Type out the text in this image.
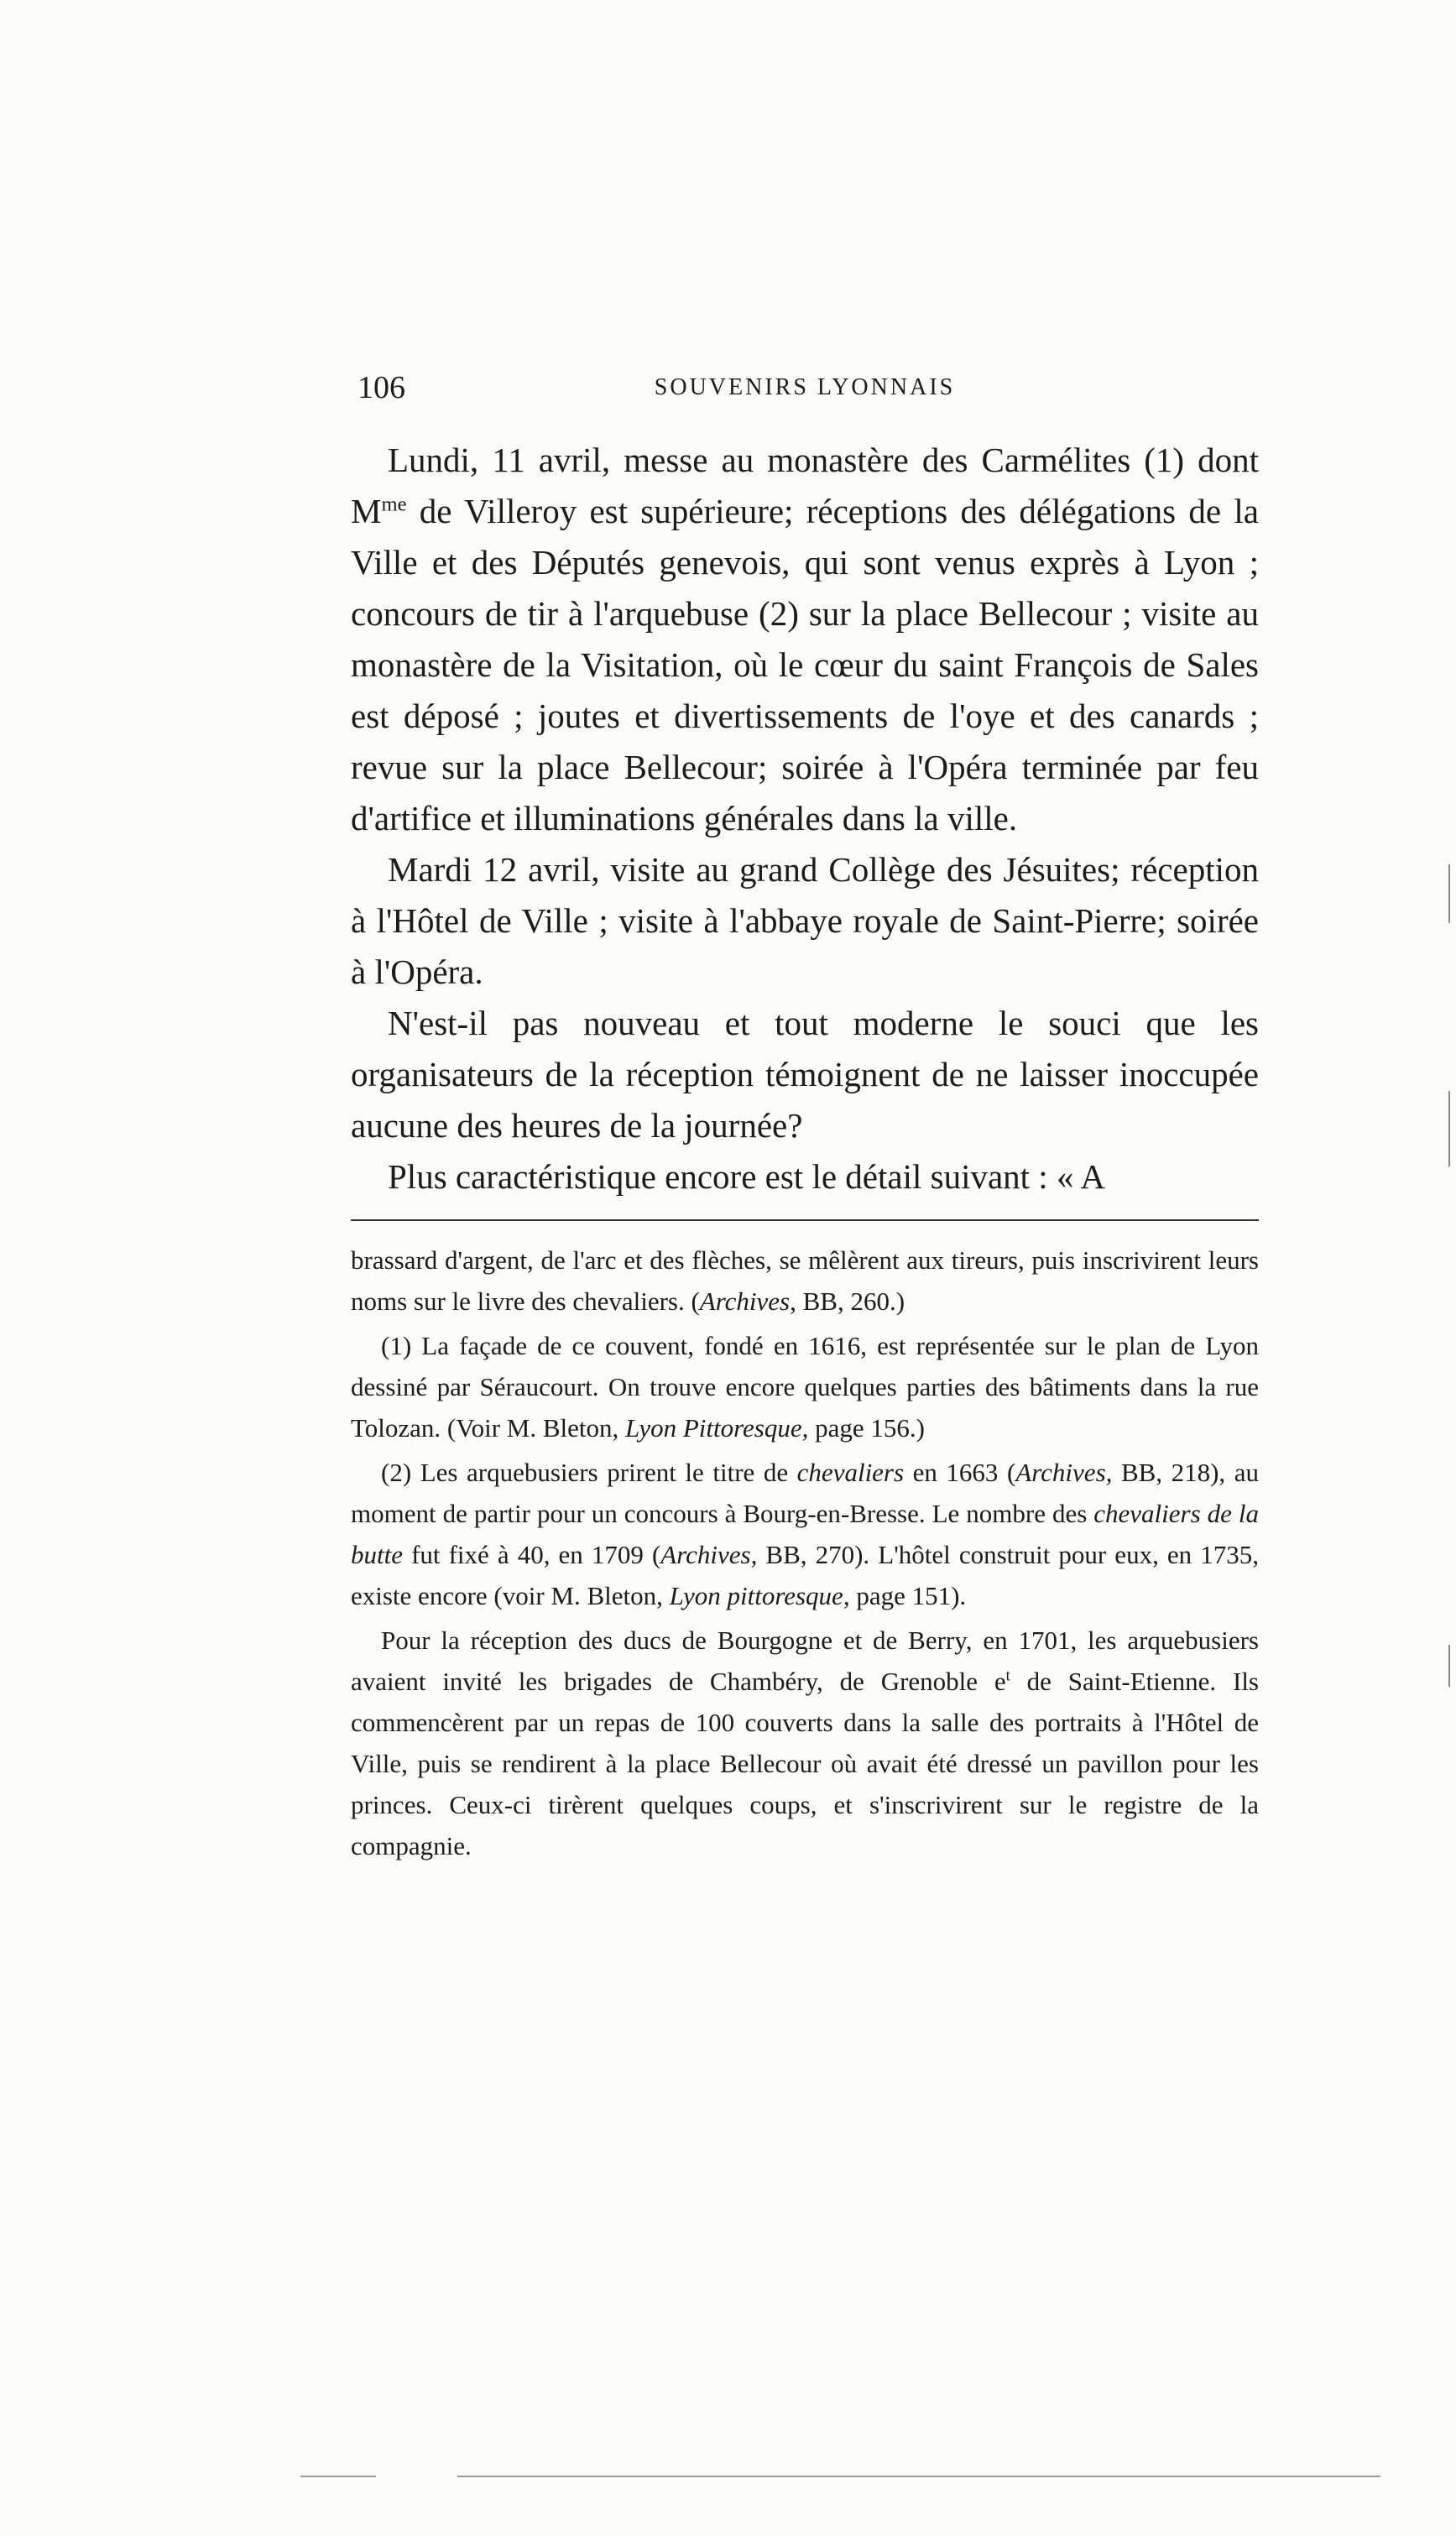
106	SOUVENIRS LYONNAIS

Lundi, 11 avril, messe au monastère des Carmélites (1) dont $M^{me}$ de Villeroy est supérieure; réceptions des délégations de la Ville et des Députés genevois, qui sont venus exprès à Lyon ; concours de tir à l'arquebuse (2) sur la place Bellecour ; visite au monastère de la Visitation, où le cœur du saint François de Sales est déposé ; joutes et divertissements de l'oye et des canards ; revue sur la place Bellecour; soirée à l'Opéra terminée par feu d'artifice et illuminations générales dans la ville.

Mardi 12 avril, visite au grand Collège des Jésuites; réception à l'Hôtel de Ville ; visite à l'abbaye royale de Saint-Pierre; soirée à l'Opéra.

N'est-il pas nouveau et tout moderne le souci que les organisateurs de la réception témoignent de ne laisser inoccupée aucune des heures de la journée?

Plus caractéristique encore est le détail suivant : « A

brassard d'argent, de l'arc et des flèches, se mêlèrent aux tireurs, puis inscrivirent leurs noms sur le livre des chevaliers. (Archives, BB, 260.)

(1) La façade de ce couvent, fondé en 1616, est représentée sur le plan de Lyon dessiné par Séraucourt. On trouve encore quelques parties des bâtiments dans la rue Tolozan. (Voir M. Bleton, Lyon Pittoresque, page 156.)

(2) Les arquebusiers prirent le titre de chevaliers en 1663 (Archives, BB, 218), au moment de partir pour un concours à Bourg-en-Bresse. Le nombre des chevaliers de la butte fut fixé à 40, en 1709 (Archives, BB, 270). L'hôtel construit pour eux, en 1735, existe encore (voir M. Bleton, Lyon pittoresque, page 151).

Pour la réception des ducs de Bourgogne et de Berry, en 1701, les arquebusiers avaient invité les brigades de Chambéry, de Grenoble $e^t$ de Saint-Etienne. Ils commencèrent par un repas de 100 couverts dans la salle des portraits à l'Hôtel de Ville, puis se rendirent à la place Bellecour où avait été dressé un pavillon pour les princes. Ceux-ci tirèrent quelques coups, et s'inscrivirent sur le registre de la compagnie.
